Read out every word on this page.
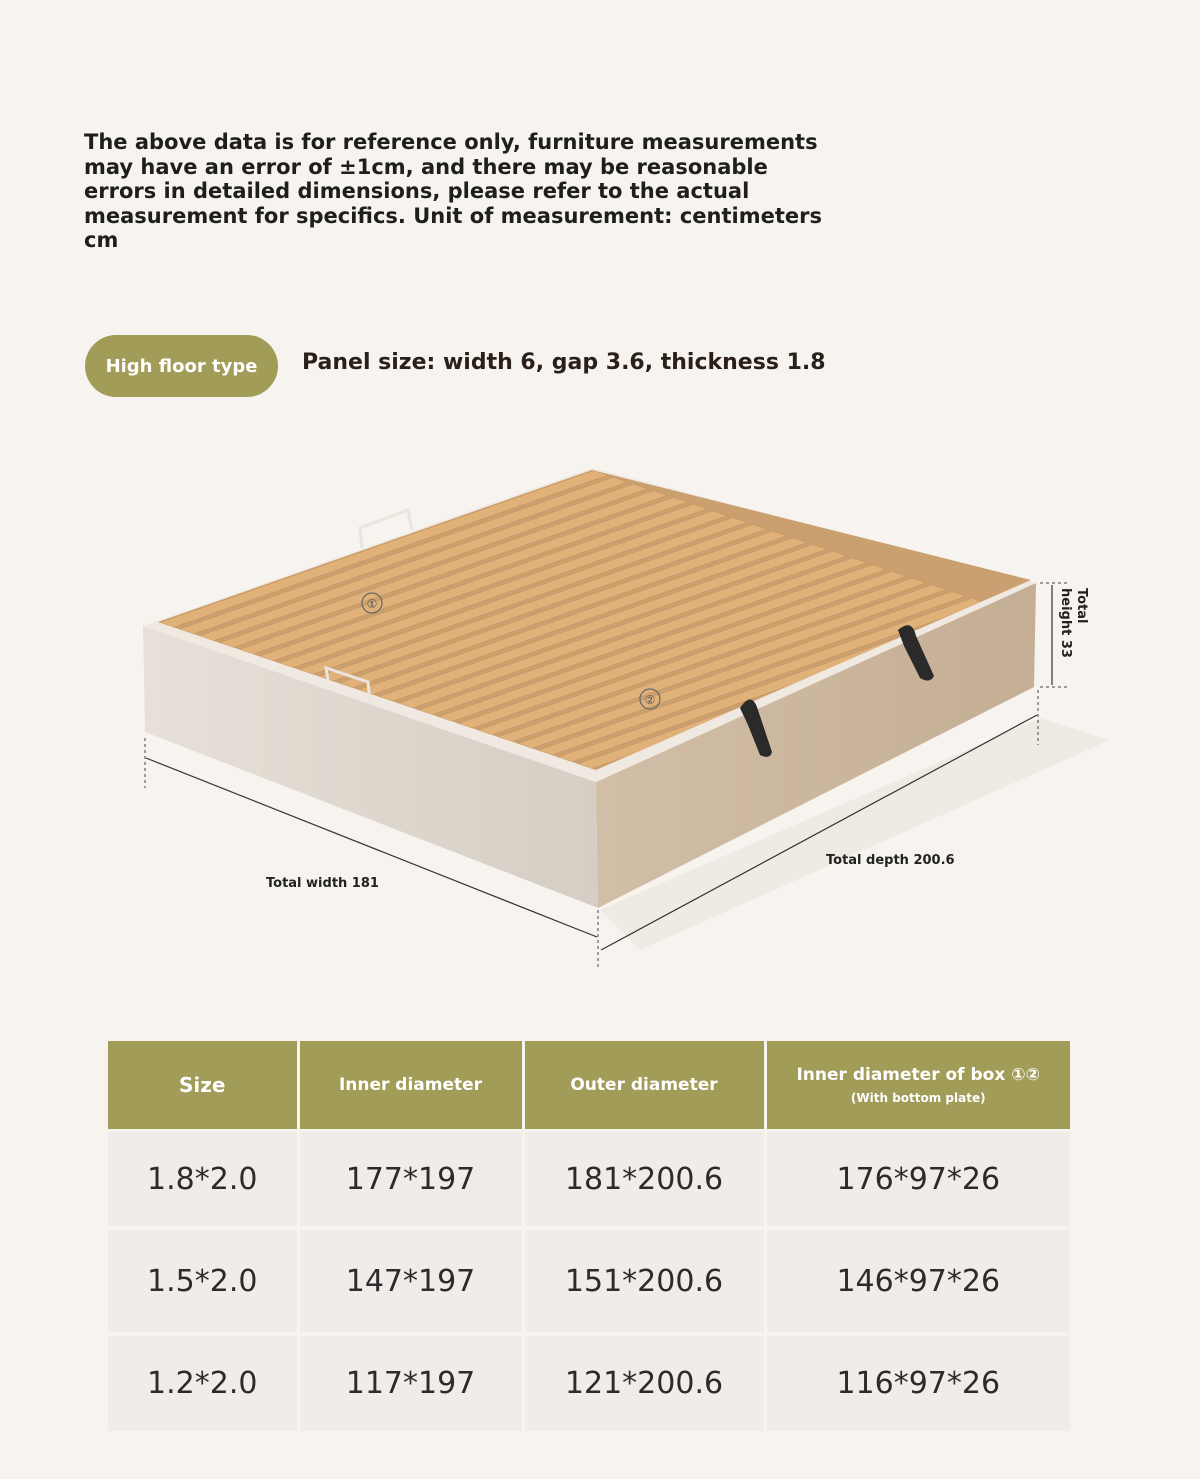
The above data is for reference only, furniture measurements may have an error of ±1cm, and there may be reasonable errors in detailed dimensions, please refer to the actual measurement for specifics. Unit of measurement: centimeters cm

High floor type Panel size: width 6, gap 3.6, thickness 1.8
①
②
Total width 181
Total depth 200.6
Total
height 33
Size	Inner diameter	Outer diameter	Inner diameter of box ①②
(With bottom plate)

1.8*2.0	177*197	181*200.6	176*97*26
1.5*2.0	147*197	151*200.6	146*97*26
1.2*2.0	117*197	121*200.6	116*97*26
